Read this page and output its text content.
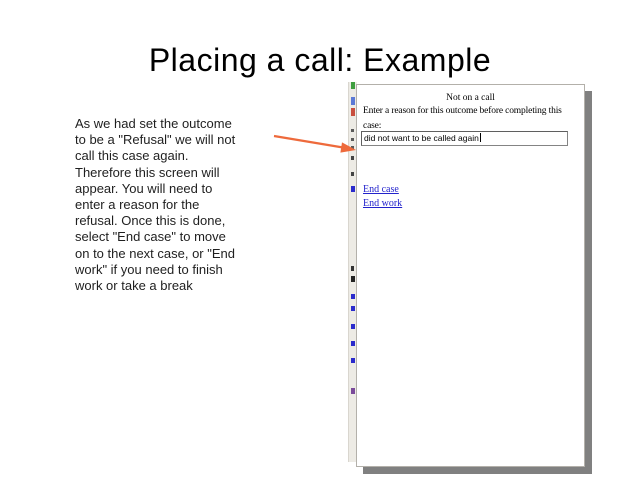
Placing a call: Example
As we had set the outcome
to be a "Refusal" we will not
call this case again.
Therefore this screen will
appear. You will need to
enter a reason for the
refusal. Once this is done,
select "End case" to move
on to the next case, or "End
work" if you need to finish
work or take a break
Not on a call
Enter a reason for this outcome before completing this
case:
did not want to be called again
End case
End work
